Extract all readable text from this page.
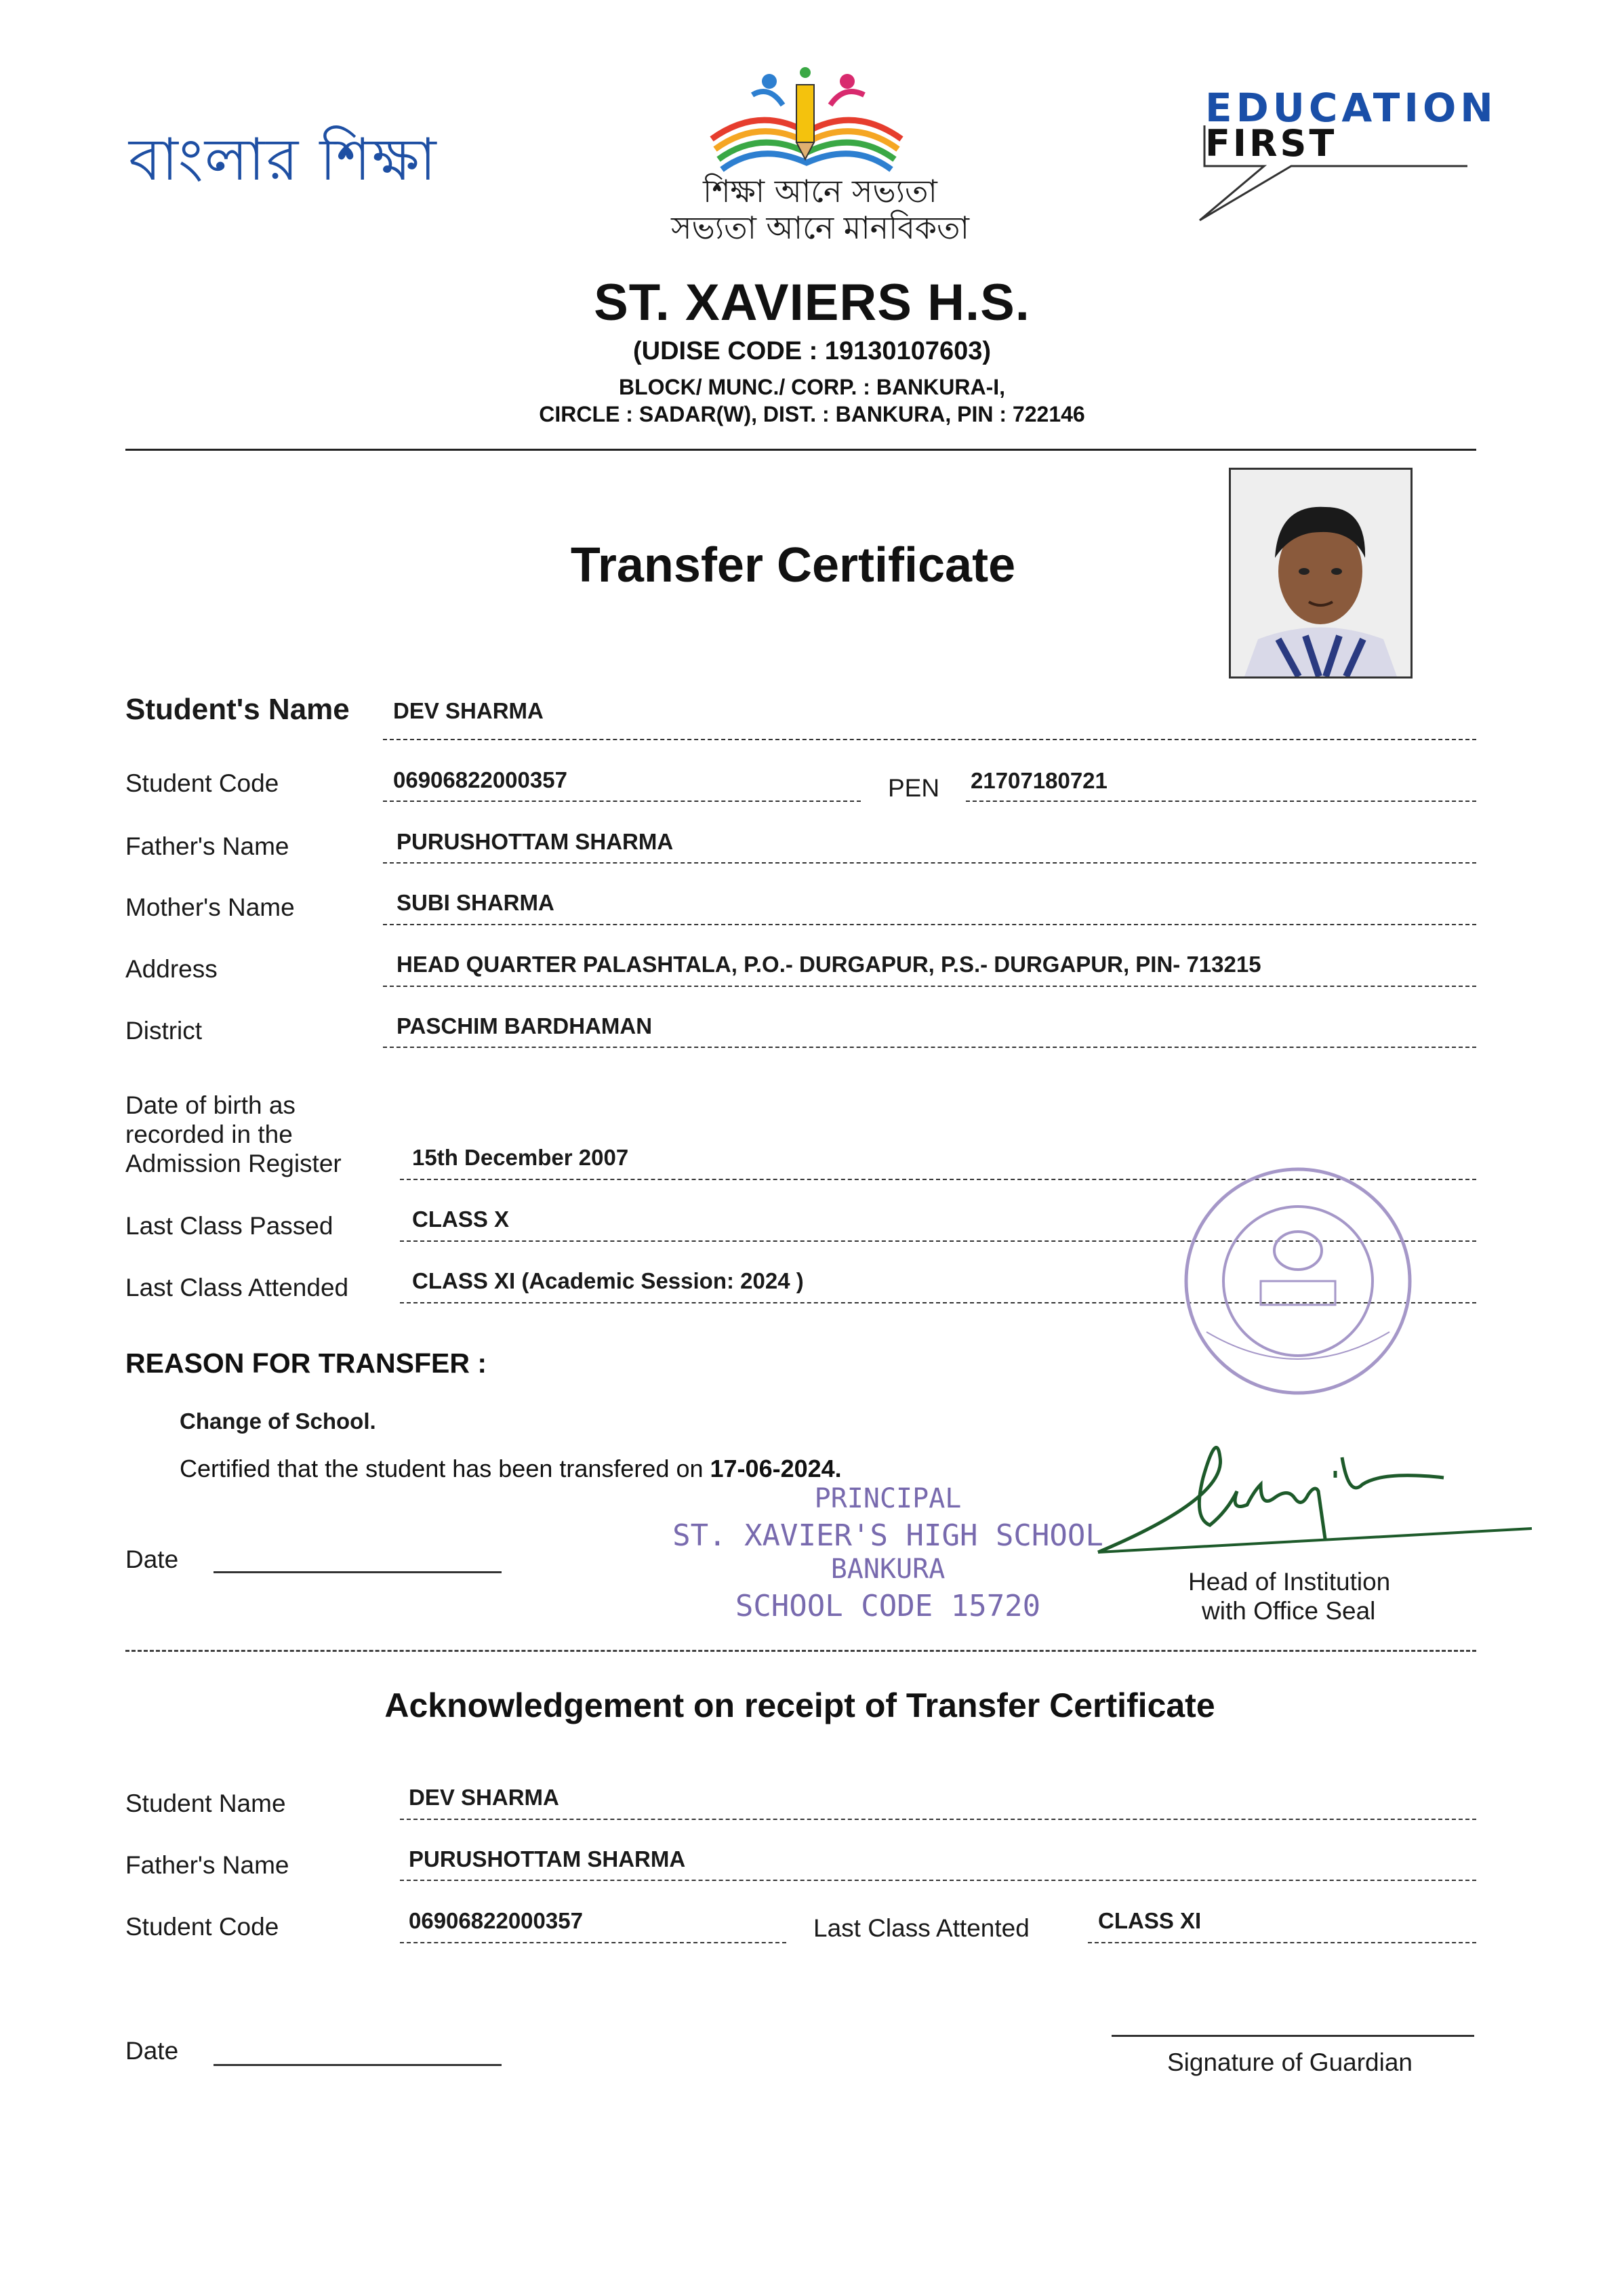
বাংলার শিক্ষা	শিক্ষা আনে সভ্যতা
সভ্যতা আনে মানবিকতা
EDUCATION
FIRST
ST. XAVIERS H.S.
(UDISE CODE : 19130107603)
BLOCK/ MUNC./ CORP. : BANKURA-I,
CIRCLE : SADAR(W), DIST. : BANKURA, PIN : 722146
Transfer Certificate
Student's Name DEV SHARMA
Student Code	06906822000357	PEN 21707180721
Father's Name	PURUSHOTTAM SHARMA
Mother's Name	SUBI SHARMA
Address	HEAD QUARTER PALASHTALA, P.O.- DURGAPUR, P.S.- DURGAPUR, PIN- 713215
District	PASCHIM BARDHAMAN
Date of birth as
recorded in the
Admission Register	15th December 2007
Last Class Passed	CLASS X
Last Class Attended	CLASS XI (Academic Session: 2024 )
REASON FOR TRANSFER :
Change of School.
Certified that the student has been transfered on 17-06-2024.
PRINCIPAL
ST. XAVIER'S HIGH SCHOOL
BANKURA
SCHOOL CODE 15720
Date
Head of Institution
with Office Seal
Acknowledgement on receipt of Transfer Certificate
Student Name	DEV SHARMA
Father's Name	PURUSHOTTAM SHARMA
Student Code	06906822000357	Last Class Attented	CLASS XI
Date	Signature of Guardian
